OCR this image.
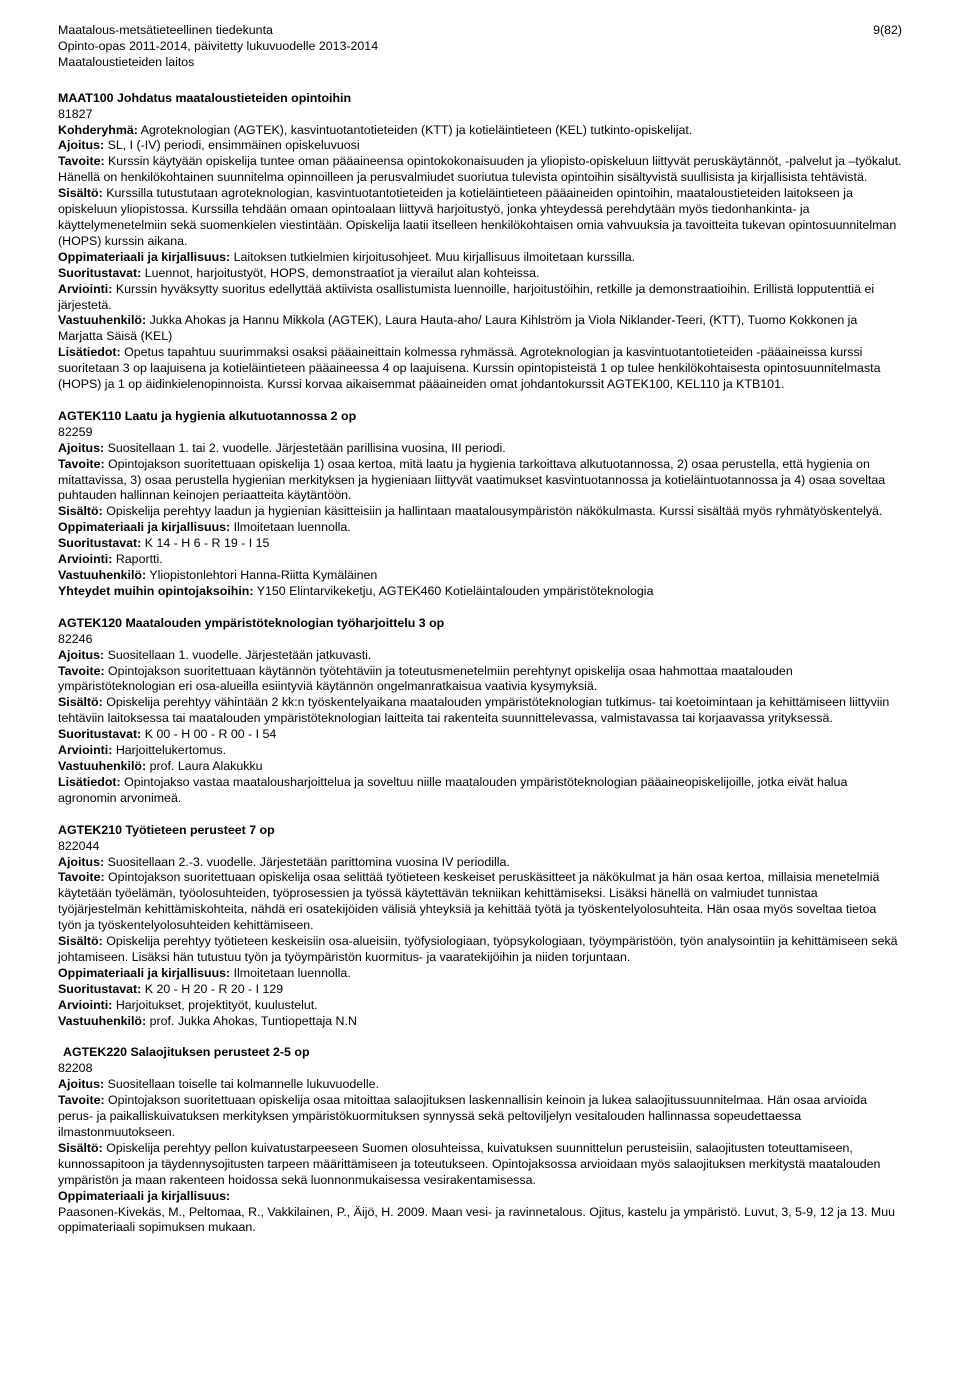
Maatalous-metsätieteellinen tiedekunta
Opinto-opas 2011-2014, päivitetty lukuvuodelle 2013-2014
Maataloustieteiden laitos
9(82)
MAAT100 Johdatus maataloustieteiden opintoihin
81827

Kohderyhmä: Agroteknologian (AGTEK), kasvintuotantotieteiden (KTT) ja kotieläintieteen (KEL) tutkinto-opiskelijat.

Ajoitus: SL, I (-IV) periodi, ensimmäinen opiskeluvuosi

Tavoite: Kurssin käytyään opiskelija tuntee oman pääaineensa opintokokonaisuuden ja yliopisto-opiskeluun liittyvät peruskäytännöt, -palvelut ja –työkalut. Hänellä on henkilökohtainen suunnitelma opinnoilleen ja perusvalmiudet suoriutua tulevista opintoihin sisältyvistä suullisista ja kirjallisista tehtävistä.

Sisältö: Kurssilla tutustutaan agroteknologian, kasvintuotantotieteiden ja kotieläintieteen pääaineiden opintoihin, maataloustieteiden laitokseen ja opiskeluun yliopistossa. Kurssilla tehdään omaan opintoalaan liittyvä harjoitustyö, jonka yhteydessä perehdytään myös tiedonhankinta- ja käyttelymenetelmiin sekä suomenkielen viestintään. Opiskelija laatii itselleen henkilökohtaisen omia vahvuuksia ja tavoitteita tukevan opintosuunnitelman (HOPS) kurssin aikana.

Oppimateriaali ja kirjallisuus: Laitoksen tutkielmien kirjoitusohjeet. Muu kirjallisuus ilmoitetaan kurssilla.

Suoritustavat: Luennot, harjoitustyöt, HOPS, demonstraatiot ja vierailut alan kohteissa.

Arviointi: Kurssin hyväksytty suoritus edellyttää aktiivista osallistumista luennoille, harjoitustöihin, retkille ja demonstraatioihin. Erillistä lopputenttiä ei järjestetä.

Vastuuhenkilö: Jukka Ahokas ja Hannu Mikkola (AGTEK), Laura Hauta-aho/ Laura Kihlström ja Viola Niklander-Teeri, (KTT), Tuomo Kokkonen ja Marjatta Säisä (KEL)

Lisätiedot: Opetus tapahtuu suurimmaksi osaksi pääaineittain kolmessa ryhmässä. Agroteknologian ja kasvintuotantotieteiden -pääaineissa kurssi suoritetaan 3 op laajuisena ja kotieläintieteen pääaineessa 4 op laajuisena. Kurssin opintopisteistä 1 op tulee henkilökohtaisesta opintosuunnitelmasta (HOPS) ja 1 op äidinkielenopinnoista. Kurssi korvaa aikaisemmat pääaineiden omat johdantokurssit AGTEK100, KEL110 ja KTB101.

AGTEK110 Laatu ja hygienia alkutuotannossa 2 op
82259

Ajoitus: Suositellaan 1. tai 2. vuodelle. Järjestetään parillisina vuosina, III periodi.

Tavoite: Opintojakson suoritettuaan opiskelija 1) osaa kertoa, mitä laatu ja hygienia tarkoittava alkutuotannossa, 2) osaa perustella, että hygienia on mitattavissa, 3) osaa perustella hygienian merkityksen ja hygieniaan liittyvät vaatimukset kasvintuotannossa ja kotieläintuotannossa ja 4) osaa soveltaa puhtauden hallinnan keinojen periaatteita käytäntöön.

Sisältö: Opiskelija perehtyy laadun ja hygienian käsitteisiin ja hallintaan maatalousympäristön näkökulmasta. Kurssi sisältää myös ryhmätyöskentelyä.

Oppimateriaali ja kirjallisuus: Ilmoitetaan luennolla.

Suoritustavat: K 14 - H 6 - R 19 - I 15

Arviointi: Raportti.

Vastuuhenkilö: Yliopistonlehtori Hanna-Riitta Kymäläinen

Yhteydet muihin opintojaksoihin: Y150 Elintarvikeketju, AGTEK460 Kotieläintalouden ympäristöteknologia

AGTEK120 Maatalouden ympäristöteknologian työharjoittelu 3 op
82246

Ajoitus: Suositellaan 1. vuodelle. Järjestetään jatkuvasti.

Tavoite: Opintojakson suoritettuaan käytännön työtehtäviin ja toteutusmenetelmiin perehtynyt opiskelija osaa hahmottaa maatalouden ympäristöteknologian eri osa-alueilla esiintyviä käytännön ongelmanratkaisua vaativia kysymyksiä.

Sisältö: Opiskelija perehtyy vähintään 2 kk:n työskentelyaikana maatalouden ympäristöteknologian tutkimus- tai koetoimintaan ja kehittämiseen liittyviin tehtäviin laitoksessa tai maatalouden ympäristöteknologian laitteita tai rakenteita suunnittelevassa, valmistavassa tai korjaavassa yrityksessä.

Suoritustavat: K 00 - H 00 - R 00 - I 54

Arviointi: Harjoittelukertomus.

Vastuuhenkilö: prof. Laura Alakukku

Lisätiedot: Opintojakso vastaa maatalousharjoittelua ja soveltuu niille maatalouden ympäristöteknologian pääaineopiskelijoille, jotka eivät halua agronomin arvonimeä.

AGTEK210 Työtieteen perusteet 7 op
822044

Ajoitus: Suositellaan 2.-3. vuodelle. Järjestetään parittomina vuosina IV periodilla.

Tavoite: Opintojakson suoritettuaan opiskelija osaa selittää työtieteen keskeiset peruskäsitteet ja näkökulmat ja hän osaa kertoa, millaisia menetelmiä käytetään työelämän, työolosuhteiden, työprosessien ja työssä käytettävän tekniikan kehittämiseksi. Lisäksi hänellä on valmiudet tunnistaa työjärjestelmän kehittämiskohteita, nähdä eri osatekijöiden välisiä yhteyksiä ja kehittää työtä ja työskentelyolosuhteita. Hän osaa myös soveltaa tietoa työn ja työskentelyolosuhteiden kehittämiseen.

Sisältö: Opiskelija perehtyy työtieteen keskeisiin osa-alueisiin, työfysiologiaan, työpsykologiaan, työympäristöön, työn analysointiin ja kehittämiseen sekä johtamiseen. Lisäksi hän tutustuu työn ja työympäristön kuormitus- ja vaaratekijöihin ja niiden torjuntaan.

Oppimateriaali ja kirjallisuus: Ilmoitetaan luennolla.

Suoritustavat: K 20 - H 20 - R 20 - I 129

Arviointi: Harjoitukset, projektityöt, kuulustelut.

Vastuuhenkilö: prof. Jukka Ahokas, Tuntiopettaja N.N

AGTEK220 Salaojituksen perusteet 2-5 op
82208

Ajoitus: Suositellaan toiselle tai kolmannelle lukuvuodelle.

Tavoite: Opintojakson suoritettuaan opiskelija osaa mitoittaa salaojituksen laskennallisin keinoin ja lukea salaojitussuunnitelmaa. Hän osaa arvioida perus- ja paikalliskuivatuksen merkityksen ympäristökuormituksen synnyssä sekä peltoviljelyn vesitalouden hallinnassa sopeudettaessa ilmastonmuutokseen.

Sisältö: Opiskelija perehtyy pellon kuivatustarpeeseen Suomen olosuhteissa, kuivatuksen suunnittelun perusteisiin, salaojitusten toteuttamiseen, kunnossapitoon ja täydennysojitusten tarpeen määrittämiseen ja toteutukseen. Opintojaksossa arvioidaan myös salaojituksen merkitystä maatalouden ympäristön ja maan rakenteen hoidossa sekä luonnonmukaisessa vesirakentamisessa.

Oppimateriaali ja kirjallisuus:

Paasonen-Kivekäs, M., Peltomaa, R., Vakkilainen, P., Äijö, H. 2009. Maan vesi- ja ravinnetalous. Ojitus, kastelu ja ympäristö. Luvut, 3, 5-9, 12 ja 13. Muu oppimateriaali sopimuksen mukaan.
